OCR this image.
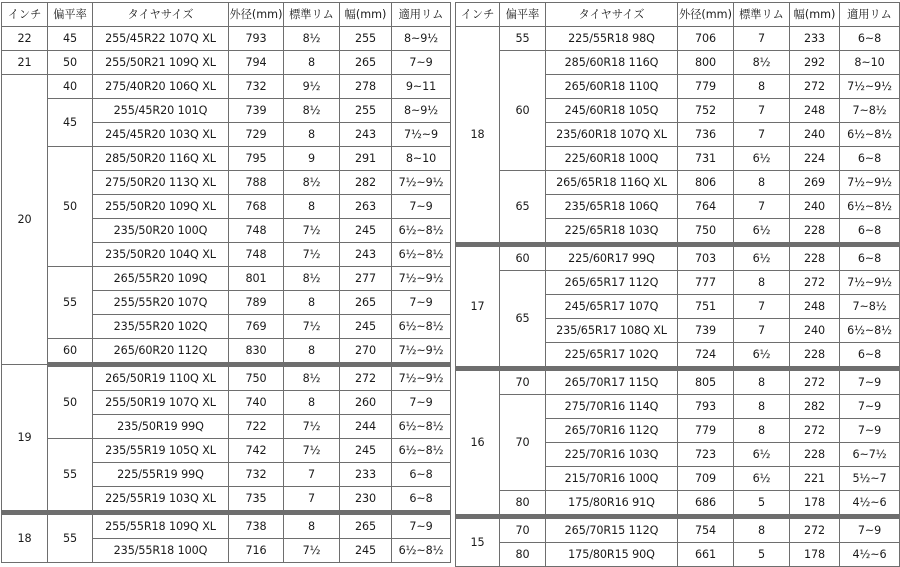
インチ	偏平率	タイヤサイズ	外径(mm)	標準リム	幅(mm)	適用リム
22	45	255/45R22 107Q XL	793	8½	255	8~9½
21	50	255/50R21 109Q XL	794	8	265	7~9
20	40	275/40R20 106Q XL	732	9½	278	9~11
	45	255/45R20 101Q	739	8½	255	8~9½
		245/45R20 103Q XL	729	8	243	7½~9
	50	285/50R20 116Q XL	795	9	291	8~10
		275/50R20 113Q XL	788	8½	282	7½~9½
		255/50R20 109Q XL	768	8	263	7~9
		235/50R20 100Q	748	7½	245	6½~8½
		235/50R20 104Q XL	748	7½	243	6½~8½
	55	265/55R20 109Q	801	8½	277	7½~9½
		255/55R20 107Q	789	8	265	7~9
		235/55R20 102Q	769	7½	245	6½~8½
	60	265/60R20 112Q	830	8	270	7½~9½
19	50	265/50R19 110Q XL	750	8½	272	7½~9½
		255/50R19 107Q XL	740	8	260	7~9
		235/50R19 99Q	722	7½	244	6½~8½
	55	235/55R19 105Q XL	742	7½	245	6½~8½
		225/55R19 99Q	732	7	233	6~8
		225/55R19 103Q XL	735	7	230	6~8
18	55	255/55R18 109Q XL	738	8	265	7~9
		235/55R18 100Q	716	7½	245	6½~8½
インチ	偏平率	タイヤサイズ	外径(mm)	標準リム	幅(mm)	適用リム
18	55	225/55R18 98Q	706	7	233	6~8
	60	285/60R18 116Q	800	8½	292	8~10
		265/60R18 110Q	779	8	272	7½~9½
		245/60R18 105Q	752	7	248	7~8½
		235/60R18 107Q XL	736	7	240	6½~8½
		225/60R18 100Q	731	6½	224	6~8
	65	265/65R18 116Q XL	806	8	269	7½~9½
		235/65R18 106Q	764	7	240	6½~8½
		225/65R18 103Q	750	6½	228	6~8
17	60	225/60R17 99Q	703	6½	228	6~8
	65	265/65R17 112Q	777	8	272	7½~9½
		245/65R17 107Q	751	7	248	7~8½
		235/65R17 108Q XL	739	7	240	6½~8½
		225/65R17 102Q	724	6½	228	6~8
16	70	265/70R17 115Q	805	8	272	7~9
	70	275/70R16 114Q	793	8	282	7~9
		265/70R16 112Q	779	8	272	7~9
		225/70R16 103Q	723	6½	228	6~7½
		215/70R16 100Q	709	6½	221	5½~7
	80	175/80R16 91Q	686	5	178	4½~6
15	70	265/70R15 112Q	754	8	272	7~9
	80	175/80R15 90Q	661	5	178	4½~6
